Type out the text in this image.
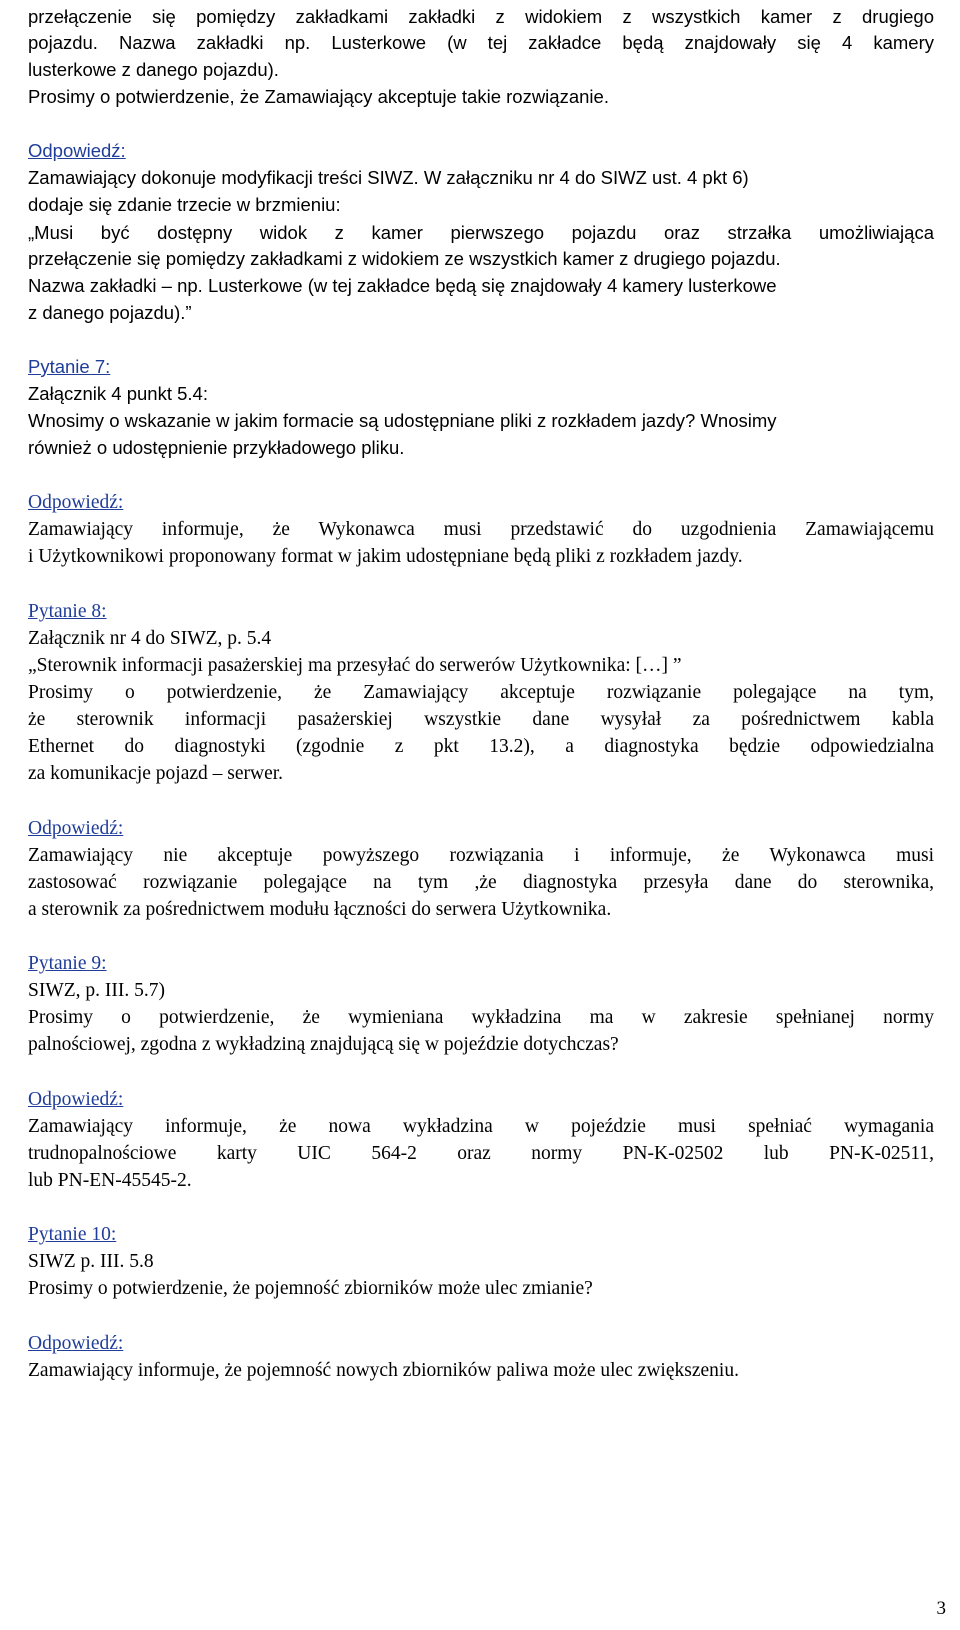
przełączenie się pomiędzy zakładkami zakładki z widokiem z wszystkich kamer z drugiego

pojazdu. Nazwa zakładki np. Lusterkowe (w tej zakładce będą znajdowały się 4 kamery

lusterkowe z danego pojazdu).

Prosimy o potwierdzenie, że Zamawiający akceptuje takie rozwiązanie.

Odpowiedź:

Zamawiający dokonuje modyfikacji treści SIWZ. W załączniku nr 4 do SIWZ ust. 4 pkt 6)

dodaje się zdanie trzecie w brzmieniu:

„Musi być dostępny widok z kamer pierwszego pojazdu oraz strzałka umożliwiająca

przełączenie się pomiędzy zakładkami z widokiem ze wszystkich kamer z drugiego pojazdu.

Nazwa zakładki – np. Lusterkowe (w tej zakładce będą się znajdowały 4 kamery lusterkowe

z danego pojazdu).”

Pytanie 7:

Załącznik 4 punkt 5.4:

Wnosimy o wskazanie w jakim formacie są udostępniane pliki z rozkładem jazdy? Wnosimy

również o udostępnienie przykładowego pliku.

Odpowiedź:

Zamawiający informuje, że Wykonawca musi przedstawić do uzgodnienia Zamawiającemu

i Użytkownikowi proponowany format w jakim udostępniane będą pliki z rozkładem jazdy.

Pytanie 8:

Załącznik nr 4 do SIWZ, p. 5.4

„Sterownik informacji pasażerskiej ma przesyłać do serwerów Użytkownika: […] ”

Prosimy o potwierdzenie, że Zamawiający akceptuje rozwiązanie polegające na tym,

że sterownik informacji pasażerskiej wszystkie dane wysyłał za pośrednictwem kabla

Ethernet do diagnostyki (zgodnie z pkt 13.2), a diagnostyka będzie odpowiedzialna

za komunikacje pojazd – serwer.

Odpowiedź:

Zamawiający nie akceptuje powyższego rozwiązania i informuje, że Wykonawca musi

zastosować rozwiązanie polegające na tym ,że diagnostyka przesyła dane do sterownika,

a sterownik za pośrednictwem modułu łączności do serwera Użytkownika.

Pytanie 9:

SIWZ, p. III. 5.7)

Prosimy o potwierdzenie, że wymieniana wykładzina ma w zakresie spełnianej normy

palnościowej, zgodna z wykładziną znajdującą się w pojeździe dotychczas?

Odpowiedź:

Zamawiający informuje, że nowa wykładzina w pojeździe musi spełniać wymagania

trudnopalnościowe karty UIC 564-2 oraz normy PN-K-02502 lub PN-K-02511,

lub PN-EN-45545-2.

Pytanie 10:

SIWZ p. III. 5.8

Prosimy o potwierdzenie, że pojemność zbiorników może ulec zmianie?

Odpowiedź:

Zamawiający informuje, że pojemność nowych zbiorników paliwa może ulec zwiększeniu.

3
